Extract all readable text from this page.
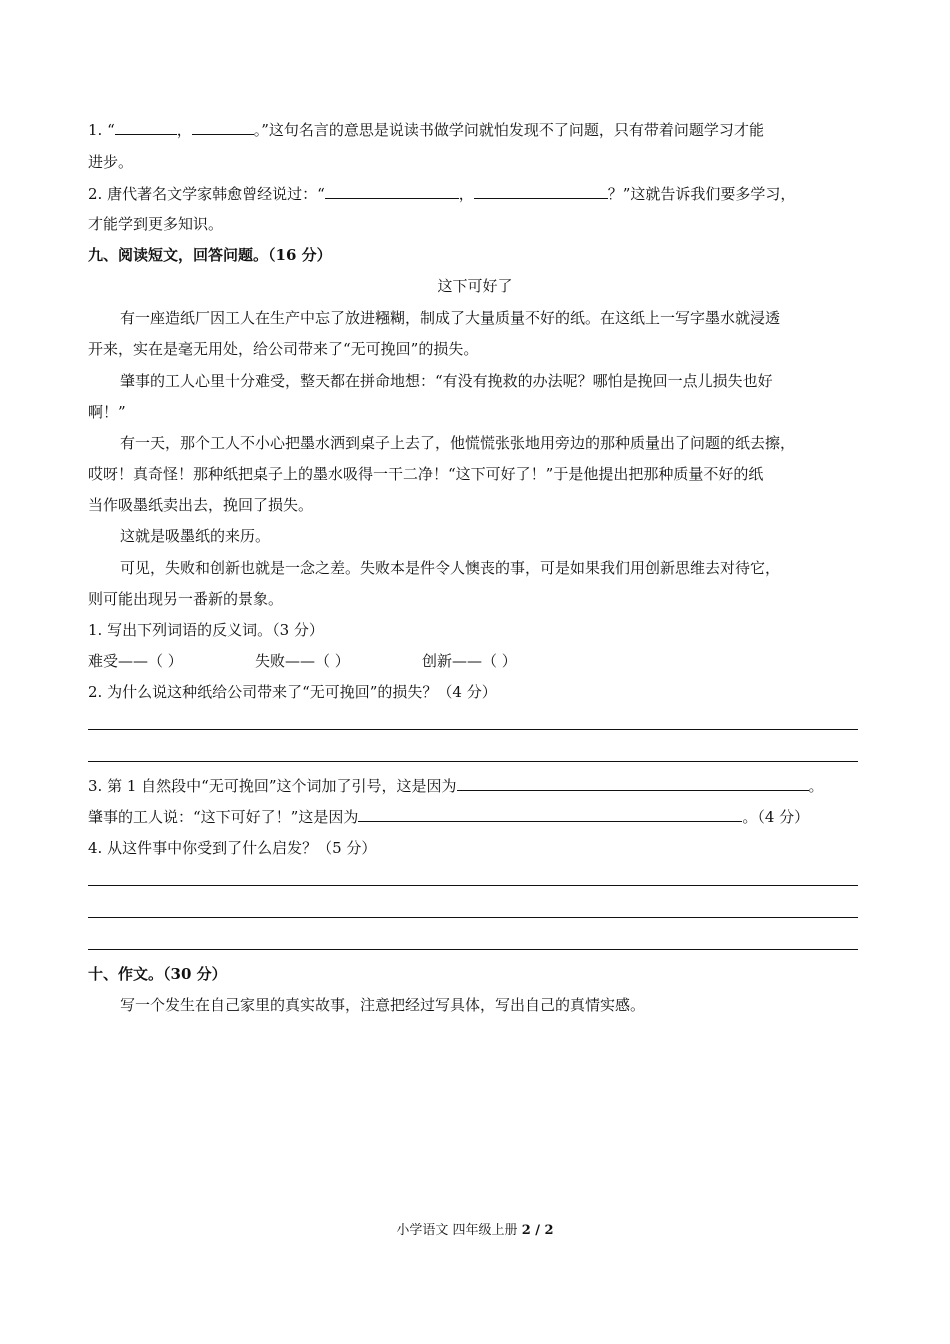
1. “	，	。”这句名言的意思是说读书做学问就怕发现不了问题，只有带着问题学习才能
进步。
2. 唐代著名文学家韩愈曾经说过：“	，	？”这就告诉我们要多学习，
才能学到更多知识。
九、阅读短文，回答问题。（16 分）
这下可好了
有一座造纸厂因工人在生产中忘了放进糨糊，制成了大量质量不好的纸。在这纸上一写字墨水就浸透
开来，实在是毫无用处，给公司带来了“无可挽回”的损失。
肇事的工人心里十分难受，整天都在拼命地想：“有没有挽救的办法呢？哪怕是挽回一点儿损失也好
啊！”
有一天，那个工人不小心把墨水洒到桌子上去了，他慌慌张张地用旁边的那种质量出了问题的纸去擦，
哎呀！真奇怪！那种纸把桌子上的墨水吸得一干二净！“这下可好了！”于是他提出把那种质量不好的纸
当作吸墨纸卖出去，挽回了损失。
这就是吸墨纸的来历。
可见，失败和创新也就是一念之差。失败本是件令人懊丧的事，可是如果我们用创新思维去对待它，
则可能出现另一番新的景象。
1. 写出下列词语的反义词。（3 分）
难受——（ ）	失败——（ ）	创新——（ ）
2. 为什么说这种纸给公司带来了“无可挽回”的损失？（4 分）
3. 第 1 自然段中“无可挽回”这个词加了引号，这是因为	。
肇事的工人说：“这下可好了！”这是因为	。（4 分）
4. 从这件事中你受到了什么启发？（5 分）
十、作文。（30 分）
写一个发生在自己家里的真实故事，注意把经过写具体，写出自己的真情实感。
小学语文 四年级上册 2 / 2
